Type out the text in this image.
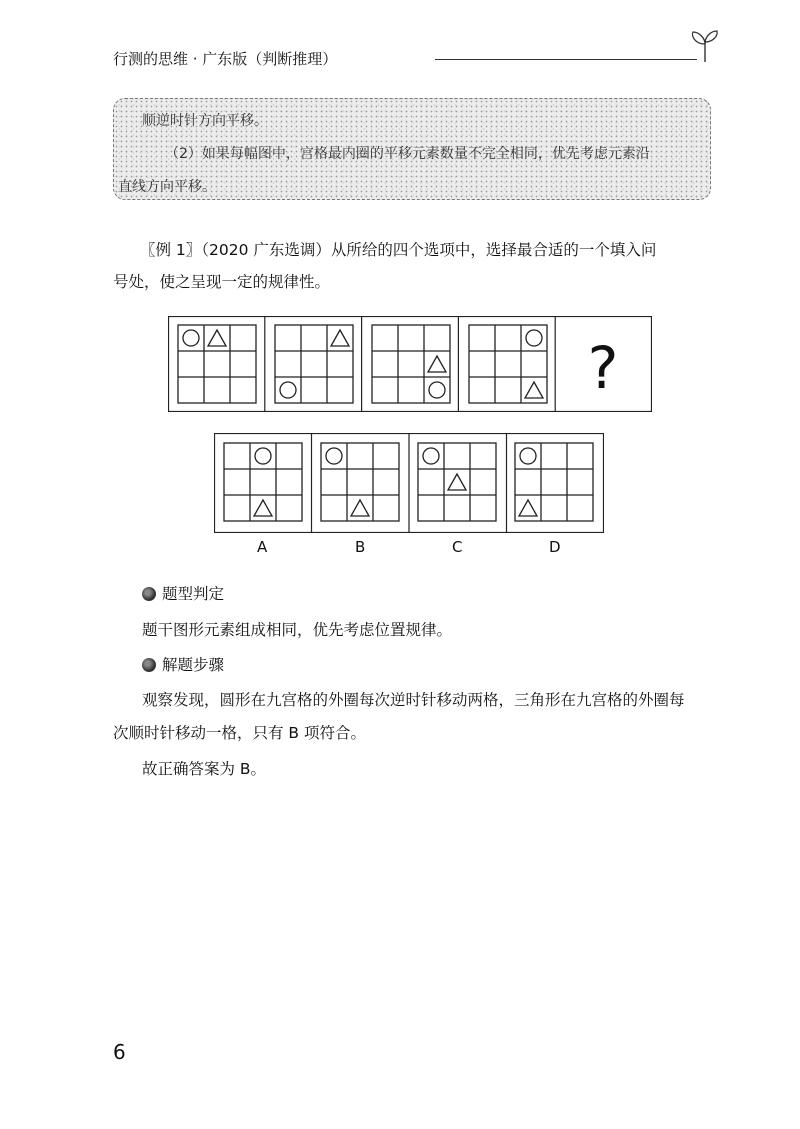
行测的思维 · 广东版（判断推理）
顺逆时针方向平移。
（2）如果每幅图中，宫格最内圈的平移元素数量不完全相同，优先考虑元素沿
直线方向平移。
〖例 1〗（2020 广东选调）从所给的四个选项中，选择最合适的一个填入问
号处，使之呈现一定的规律性。
?
A	B	C	D
题型判定
题干图形元素组成相同，优先考虑位置规律。
解题步骤
观察发现，圆形在九宫格的外圈每次逆时针移动两格，三角形在九宫格的外圈每
次顺时针移动一格，只有 B 项符合。
故正确答案为 B。
6
